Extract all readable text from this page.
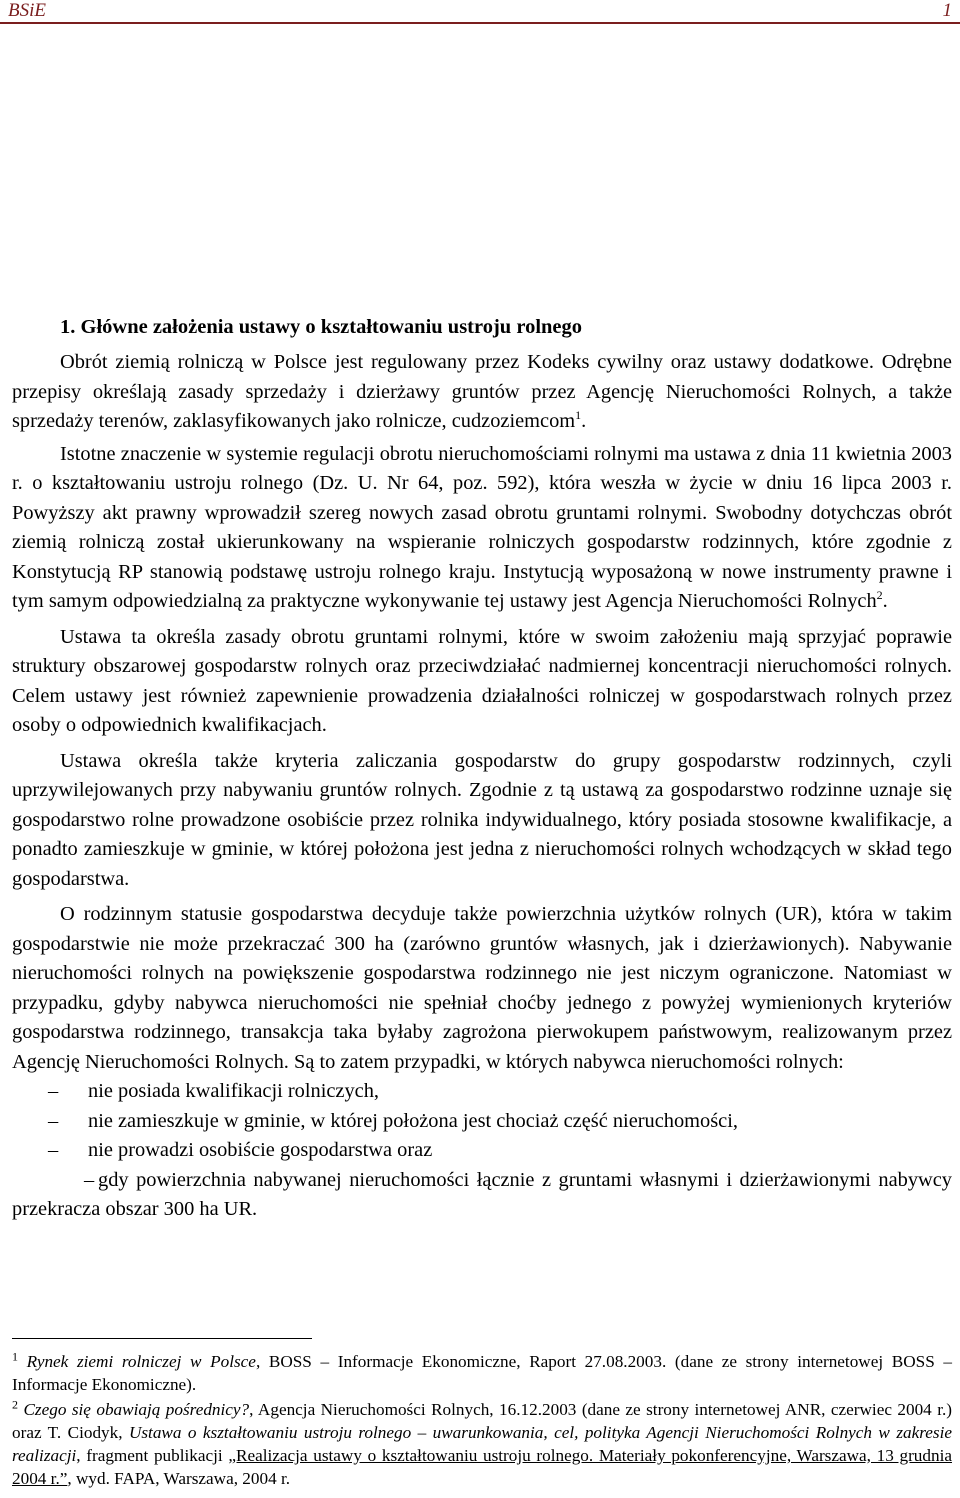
BSiE	1
1. Główne założenia ustawy o kształtowaniu ustroju rolnego

Obrót ziemią rolniczą w Polsce jest regulowany przez Kodeks cywilny oraz ustawy dodatkowe. Odrębne przepisy określają zasady sprzedaży i dzierżawy gruntów przez Agencję Nieruchomości Rolnych, a także sprzedaży terenów, zaklasyfikowanych jako rolnicze, cudzoziemcom$^1$.

Istotne znaczenie w systemie regulacji obrotu nieruchomościami rolnymi ma ustawa z dnia 11 kwietnia 2003 r. o kształtowaniu ustroju rolnego (Dz. U. Nr 64, poz. 592), która weszła w życie w dniu 16 lipca 2003 r. Powyższy akt prawny wprowadził szereg nowych zasad obrotu gruntami rolnymi. Swobodny dotychczas obrót ziemią rolniczą został ukierunkowany na wspieranie rolniczych gospodarstw rodzinnych, które zgodnie z Konstytucją RP stanowią podstawę ustroju rolnego kraju. Instytucją wyposażoną w nowe instrumenty prawne i tym samym odpowiedzialną za praktyczne wykonywanie tej ustawy jest Agencja Nieruchomości Rolnych$^2$.

Ustawa ta określa zasady obrotu gruntami rolnymi, które w swoim założeniu mają sprzyjać poprawie struktury obszarowej gospodarstw rolnych oraz przeciwdziałać nadmiernej koncentracji nieruchomości rolnych. Celem ustawy jest również zapewnienie prowadzenia działalności rolniczej w gospodarstwach rolnych przez osoby o odpowiednich kwalifikacjach.

Ustawa określa także kryteria zaliczania gospodarstw do grupy gospodarstw rodzinnych, czyli uprzywilejowanych przy nabywaniu gruntów rolnych. Zgodnie z tą ustawą za gospodarstwo rodzinne uznaje się gospodarstwo rolne prowadzone osobiście przez rolnika indywidualnego, który posiada stosowne kwalifikacje, a ponadto zamieszkuje w gminie, w której położona jest jedna z nieruchomości rolnych wchodzących w skład tego gospodarstwa.

O rodzinnym statusie gospodarstwa decyduje także powierzchnia użytków rolnych (UR), która w takim gospodarstwie nie może przekraczać 300 ha (zarówno gruntów własnych, jak i dzierżawionych). Nabywanie nieruchomości rolnych na powiększenie gospodarstwa rodzinnego nie jest niczym ograniczone. Natomiast w przypadku, gdyby nabywca nieruchomości nie spełniał choćby jednego z powyżej wymienionych kryteriów gospodarstwa rodzinnego, transakcja taka byłaby zagrożona pierwokupem państwowym, realizowanym przez Agencję Nieruchomości Rolnych. Są to zatem przypadki, w których nabywca nieruchomości rolnych:

– nie posiada kwalifikacji rolniczych,
– nie zamieszkuje w gminie, w której położona jest chociaż część nieruchomości,
– nie prowadzi osobiście gospodarstwa oraz
– gdy powierzchnia nabywanej nieruchomości łącznie z gruntami własnymi i dzierżawionymi nabywcy przekracza obszar 300 ha UR.

$^1$ Rynek ziemi rolniczej w Polsce, BOSS – Informacje Ekonomiczne, Raport 27.08.2003. (dane ze strony internetowej BOSS – Informacje Ekonomiczne).

$^2$ Czego się obawiają pośrednicy?, Agencja Nieruchomości Rolnych, 16.12.2003 (dane ze strony internetowej ANR, czerwiec 2004 r.) oraz T. Ciodyk, Ustawa o kształtowaniu ustroju rolnego – uwarunkowania, cel, polityka Agencji Nieruchomości Rolnych w zakresie realizacji, fragment publikacji „Realizacja ustawy o kształtowaniu ustroju rolnego. Materiały pokonferencyjne, Warszawa, 13 grudnia 2004 r.”, wyd. FAPA, Warszawa, 2004 r.
